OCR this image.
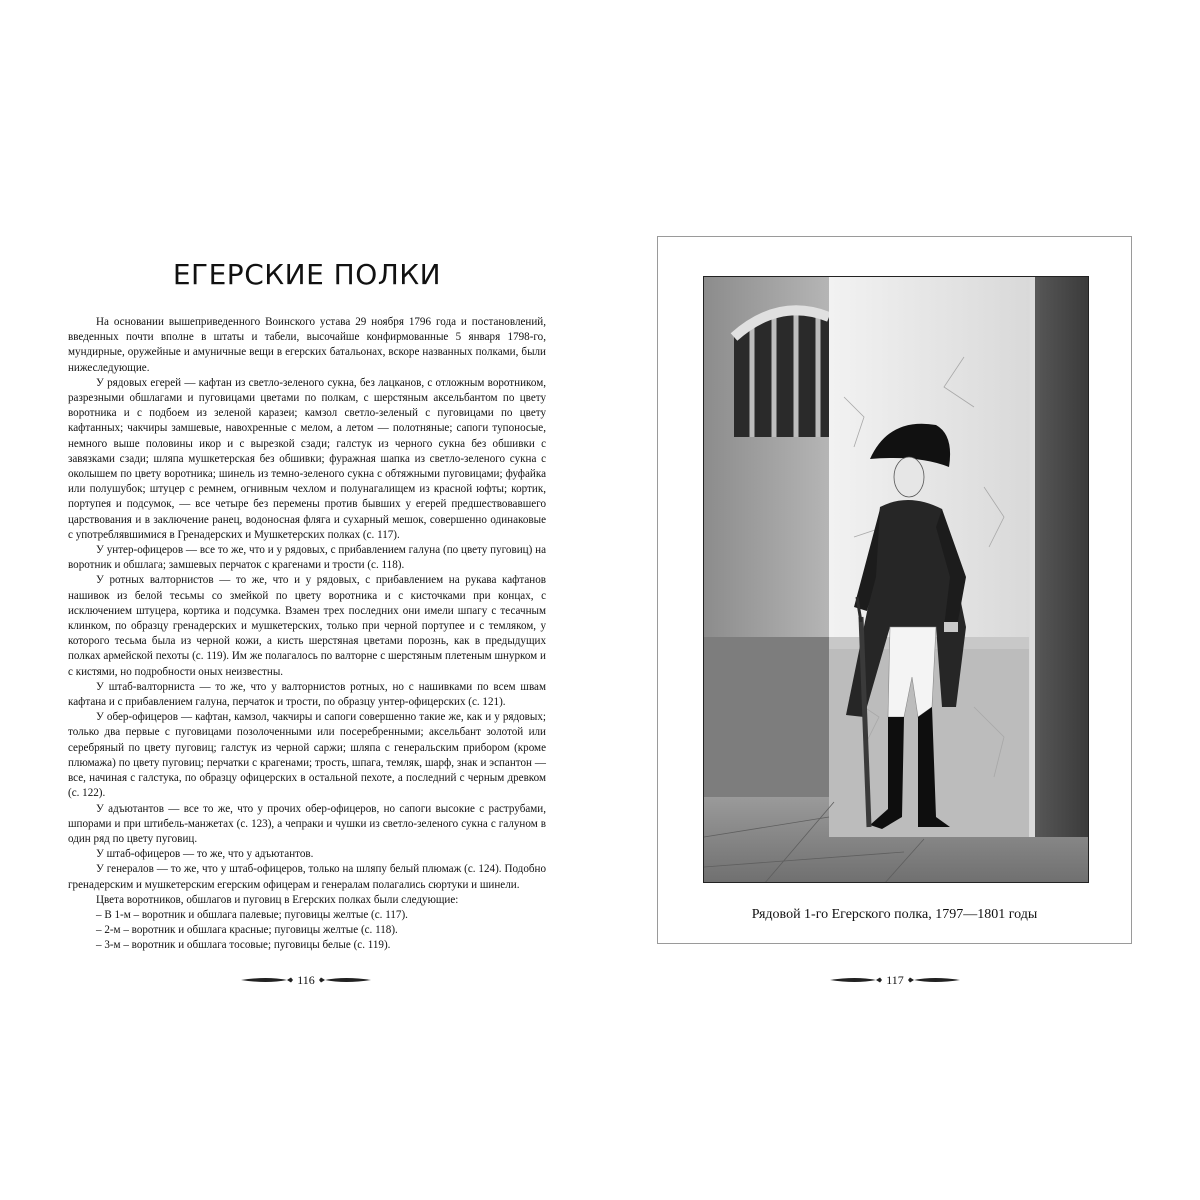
ЕГЕРСКИЕ ПОЛКИ

На основании вышеприведенного Воинского устава 29 ноября 1796 года и постановлений, введенных почти вполне в штаты и табели, высочайше конфирмованные 5 января 1798-го, мундирные, оружейные и амуничные вещи в егерских батальонах, вскоре названных полками, были нижеследующие.

У рядовых егерей — кафтан из светло-зеленого сукна, без лацканов, с отложным воротником, разрезными обшлагами и пуговицами цветами по полкам, с шерстяным аксельбантом по цвету воротника и с подбоем из зеленой каразеи; камзол светло-зеленый с пуговицами по цвету кафтанных; чакчиры замшевые, навохренные с мелом, а летом — полотняные; сапоги тупоносые, немного выше половины икор и с вырезкой сзади; галстук из черного сукна без обшивки с завязками сзади; шляпа мушкетерская без обшивки; фуражная шапка из светло-зеленого сукна с околышем по цвету воротника; шинель из темно-зеленого сукна с обтяжными пуговицами; фуфайка или полушубок; штуцер с ремнем, огнивным чехлом и полунагалищем из красной юфты; кортик, портупея и подсумок, — все четыре без перемены против бывших у егерей предшествовавшего царствования и в заключение ранец, водоносная фляга и сухарный мешок, совершенно одинаковые с употреблявшимися в Гренадерских и Мушкетерских полках (с. 117).

У унтер-офицеров — все то же, что и у рядовых, с прибавлением галуна (по цвету пуговиц) на воротник и обшлага; замшевых перчаток с крагенами и трости (с. 118).

У ротных валторнистов — то же, что и у рядовых, с прибавлением на рукава кафтанов нашивок из белой тесьмы со змейкой по цвету воротника и с кисточками при концах, с исключением штуцера, кортика и подсумка. Взамен трех последних они имели шпагу с тесачным клинком, по образцу гренадерских и мушкетерских, только при черной портупее и с темляком, у которого тесьма была из черной кожи, а кисть шерстяная цветами порознь, как в предыдущих полках армейской пехоты (с. 119). Им же полагалось по валторне с шерстяным плетеным шнурком и с кистями, но подробности оных неизвестны.

У штаб-валторниста — то же, что у валторнистов ротных, но с нашивками по всем швам кафтана и с прибавлением галуна, перчаток и трости, по образцу унтер-офицерских (с. 121).

У обер-офицеров — кафтан, камзол, чакчиры и сапоги совершенно такие же, как и у рядовых; только два первые с пуговицами позолоченными или посеребренными; аксельбант золотой или серебряный по цвету пуговиц; галстук из черной саржи; шляпа с генеральским прибором (кроме плюмажа) по цвету пуговиц; перчатки с крагенами; трость, шпага, темляк, шарф, знак и эспантон — все, начиная с галстука, по образцу офицерских в остальной пехоте, а последний с черным древком (с. 122).

У адъютантов — все то же, что у прочих обер-офицеров, но сапоги высокие с раструбами, шпорами и при штибель-манжетах (с. 123), а чепраки и чушки из светло-зеленого сукна с галуном в один ряд по цвету пуговиц.

У штаб-офицеров — то же, что у адъютантов.

У генералов — то же, что у штаб-офицеров, только на шляпу белый плюмаж (с. 124). Подобно гренадерским и мушкетерским егерским офицерам и генералам полагались сюртуки и шинели.

Цвета воротников, обшлагов и пуговиц в Егерских полках были следующие:

– В 1-м – воротник и обшлага палевые; пуговицы желтые (с. 117).

– 2-м – воротник и обшлага красные; пуговицы желтые (с. 118).

– 3-м – воротник и обшлага тосовые; пуговицы белые (с. 119).

116
Рядовой 1-го Егерского полка, 1797—1801 годы
117
